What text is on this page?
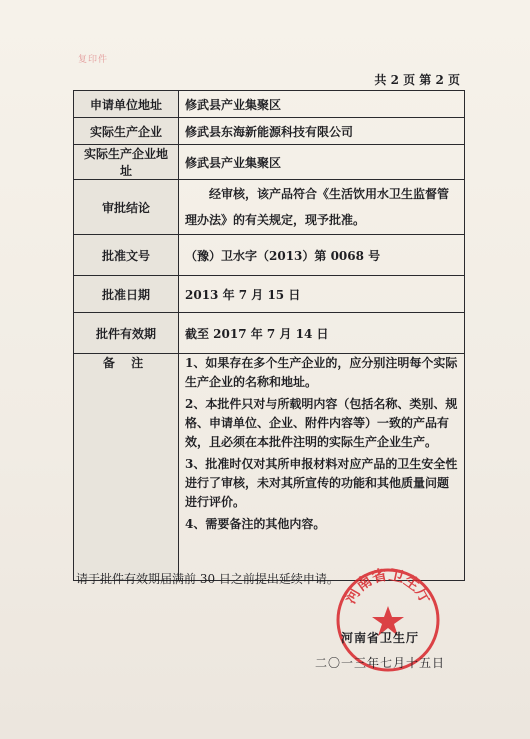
复印件
共 2 页 第 2 页
申请单位地址	修武县产业集聚区
实际生产企业	修武县东海新能源科技有限公司
实际生产企业地址	修武县产业集聚区
审批结论	经审核，该产品符合《生活饮用水卫生监督管理办法》的有关规定，现予批准。
批准文号	（豫）卫水字（2013）第 0068 号
批准日期	2013 年 7 月 15 日
批件有效期	截至 2017 年 7 月 14 日
备 注	1、如果存在多个生产企业的，应分别注明每个实际生产企业的名称和地址。

2、本批件只对与所载明内容（包括名称、类别、规格、申请单位、企业、附件内容等）一致的产品有效，且必须在本批件注明的实际生产企业生产。

3、批准时仅对其所申报材料对应产品的卫生安全性进行了审核，未对其所宣传的功能和其他质量问题进行评价。

4、需要备注的其他内容。

请于批件有效期届满前 30 日之前提出延续申请。
河南省卫生厅
河南省卫生厅
二〇一三年七月十五日
